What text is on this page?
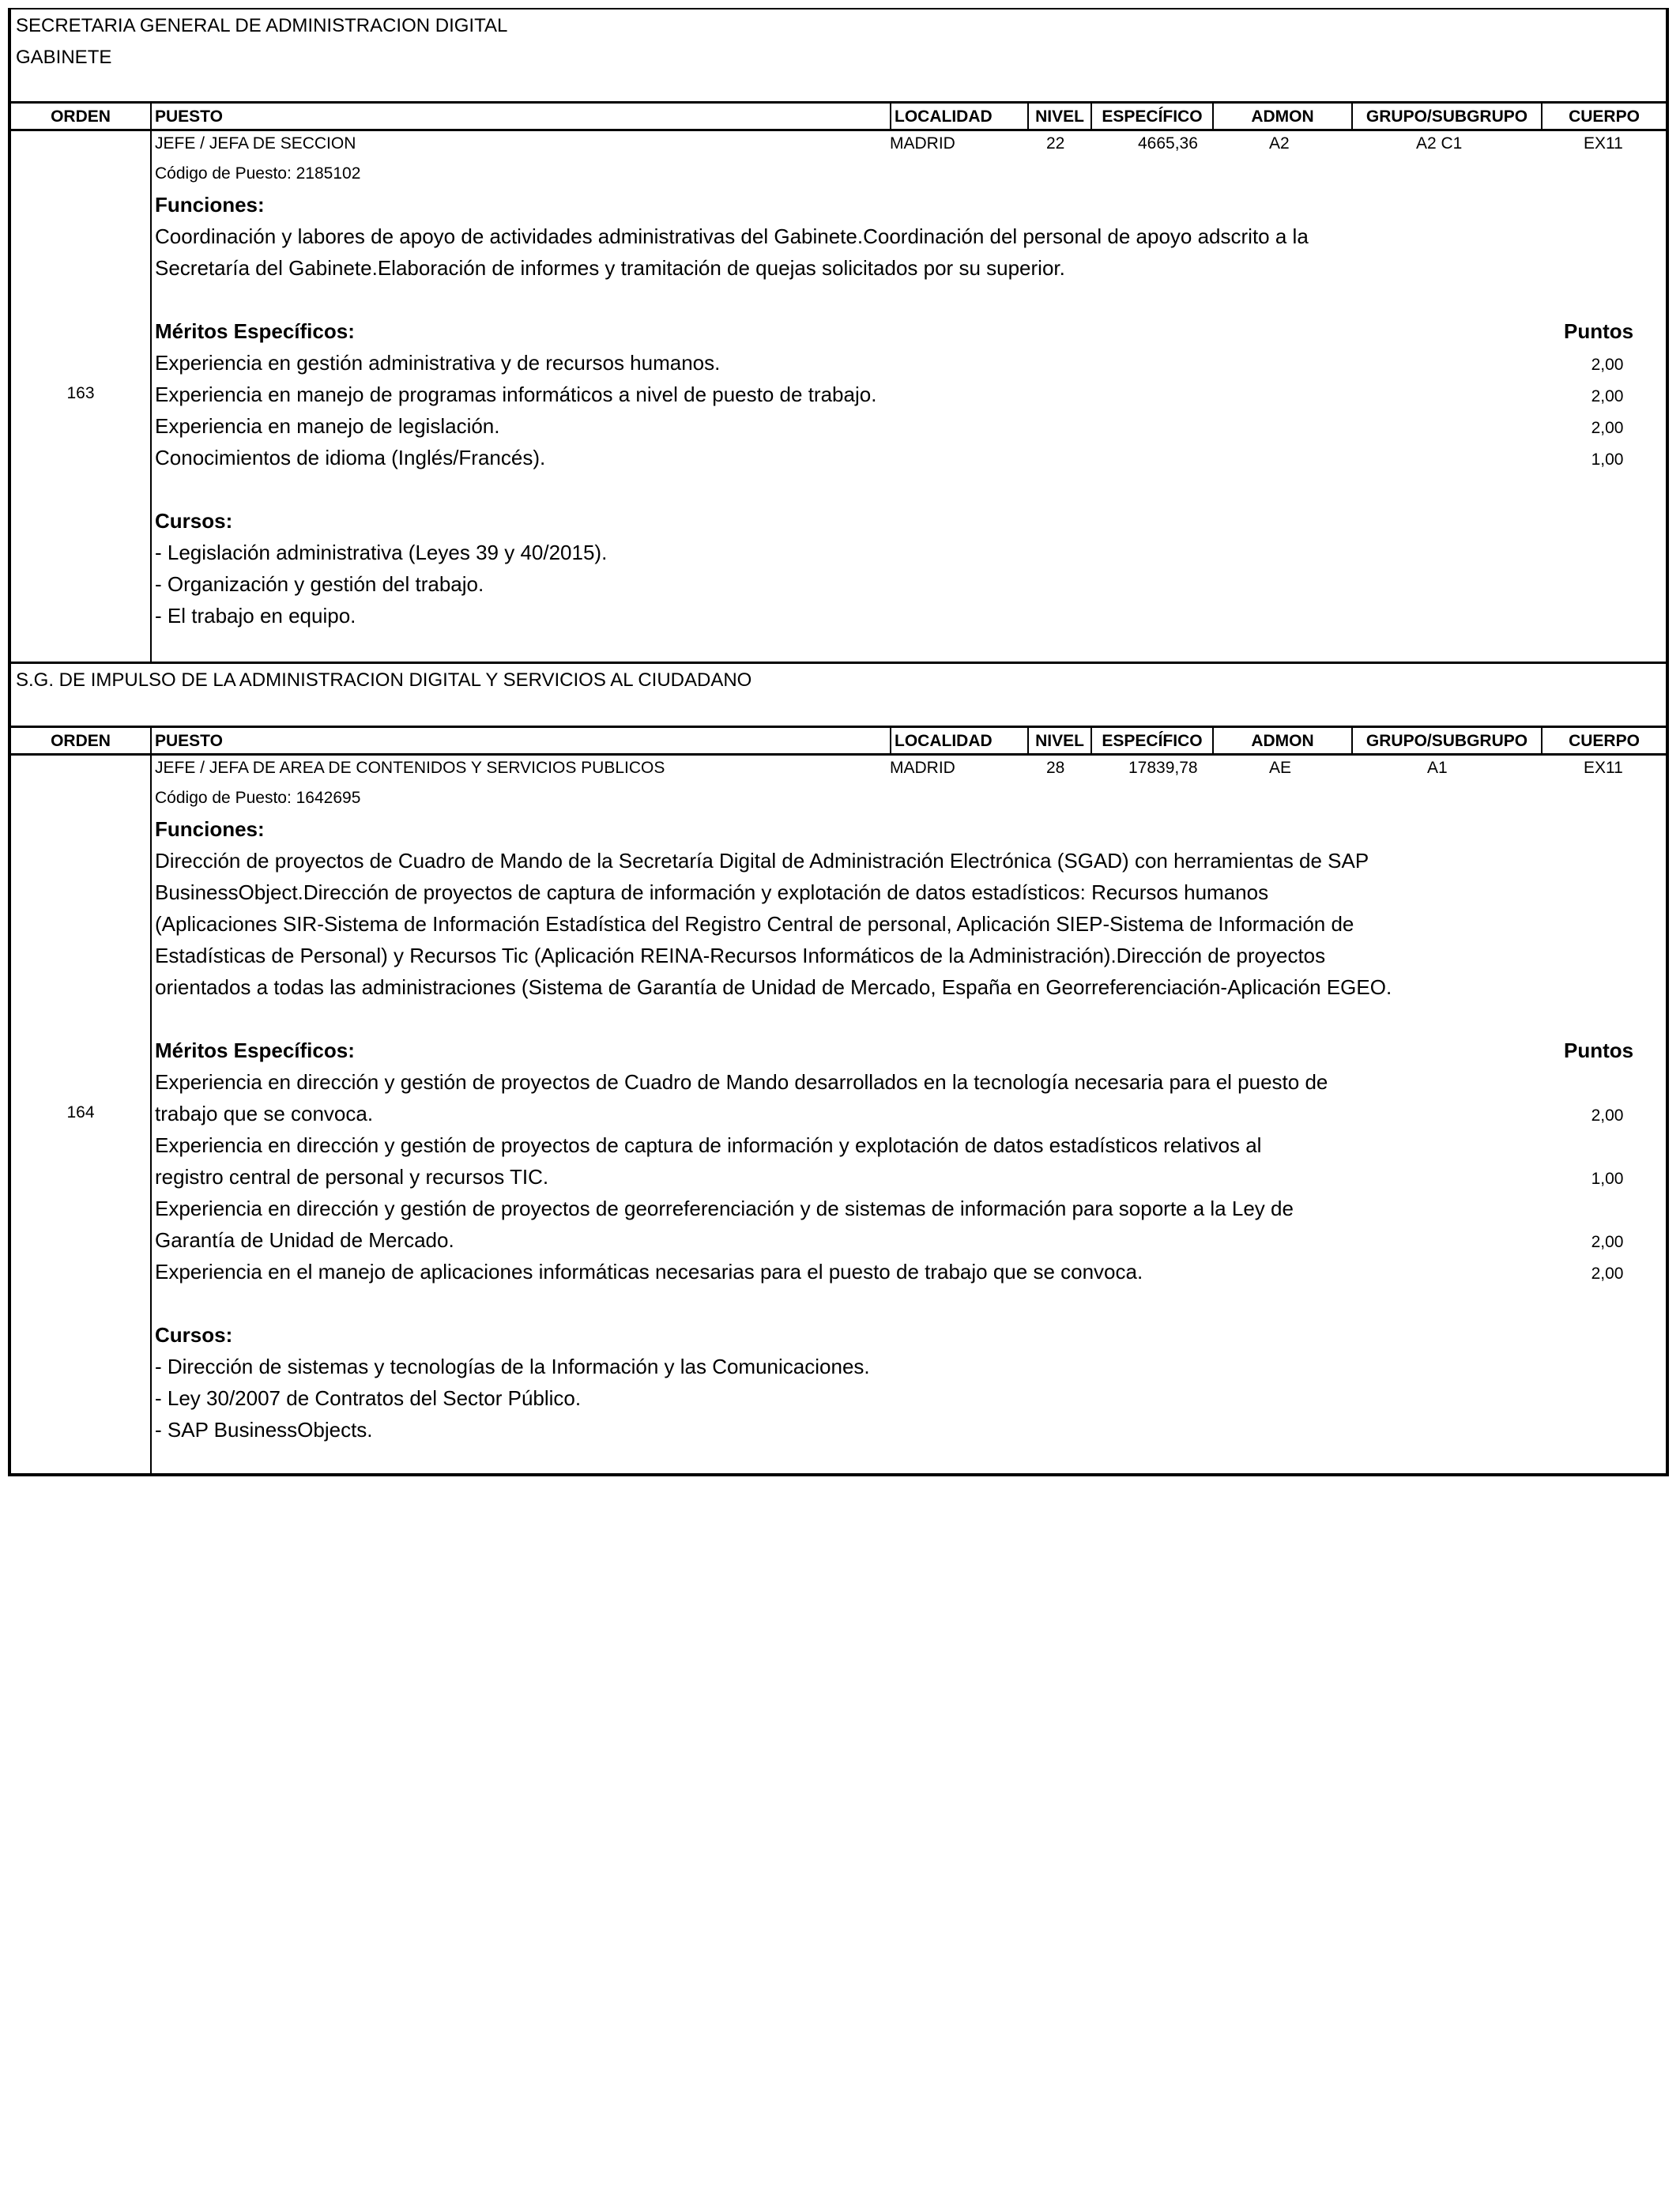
SECRETARIA GENERAL DE ADMINISTRACION DIGITAL
GABINETE
ORDEN	PUESTO	LOCALIDAD	NIVEL	ESPECÍFICO	ADMON	GRUPO/SUBGRUPO	CUERPO
163
JEFE / JEFA DE SECCION	MADRID	22	4665,36	A2	A2 C1	EX11
Código de Puesto: 2185102
Funciones:
Coordinación y labores de apoyo de actividades administrativas del Gabinete.Coordinación del personal de apoyo adscrito a la
Secretaría del Gabinete.Elaboración de informes y tramitación de quejas solicitados por su superior.
Méritos Específicos:	Puntos
Experiencia en gestión administrativa y de recursos humanos.	2,00
Experiencia en manejo de programas informáticos a nivel de puesto de trabajo.	2,00
Experiencia en manejo de legislación.	2,00
Conocimientos de idioma (Inglés/Francés).	1,00
Cursos:
- Legislación administrativa (Leyes 39 y 40/2015).
- Organización y gestión del trabajo.
- El trabajo en equipo.
S.G. DE IMPULSO DE LA ADMINISTRACION DIGITAL Y SERVICIOS AL CIUDADANO
ORDEN	PUESTO	LOCALIDAD	NIVEL	ESPECÍFICO	ADMON	GRUPO/SUBGRUPO	CUERPO
164
JEFE / JEFA DE AREA DE CONTENIDOS Y SERVICIOS PUBLICOS	MADRID	28	17839,78	AE	A1	EX11
Código de Puesto: 1642695
Funciones:
Dirección de proyectos de Cuadro de Mando de la Secretaría Digital de Administración Electrónica (SGAD) con herramientas de SAP
BusinessObject.Dirección de proyectos de captura de información y explotación de datos estadísticos: Recursos humanos
(Aplicaciones SIR-Sistema de Información Estadística del Registro Central de personal, Aplicación SIEP-Sistema de Información de
Estadísticas de Personal) y Recursos Tic (Aplicación REINA-Recursos Informáticos de la Administración).Dirección de proyectos
orientados a todas las administraciones (Sistema de Garantía de Unidad de Mercado, España en Georreferenciación-Aplicación EGEO.
Méritos Específicos:	Puntos
Experiencia en dirección y gestión de proyectos de Cuadro de Mando desarrollados en la tecnología necesaria para el puesto de
trabajo que se convoca.	2,00
Experiencia en dirección y gestión de proyectos de captura de información y explotación de datos estadísticos relativos al
registro central de personal y recursos TIC.	1,00
Experiencia en dirección y gestión de proyectos de georreferenciación y de sistemas de información para soporte a la Ley de
Garantía de Unidad de Mercado.	2,00
Experiencia en el manejo de aplicaciones informáticas necesarias para el puesto de trabajo que se convoca.	2,00
Cursos:
- Dirección de sistemas y tecnologías de la Información y las Comunicaciones.
- Ley 30/2007 de Contratos del Sector Público.
- SAP BusinessObjects.
